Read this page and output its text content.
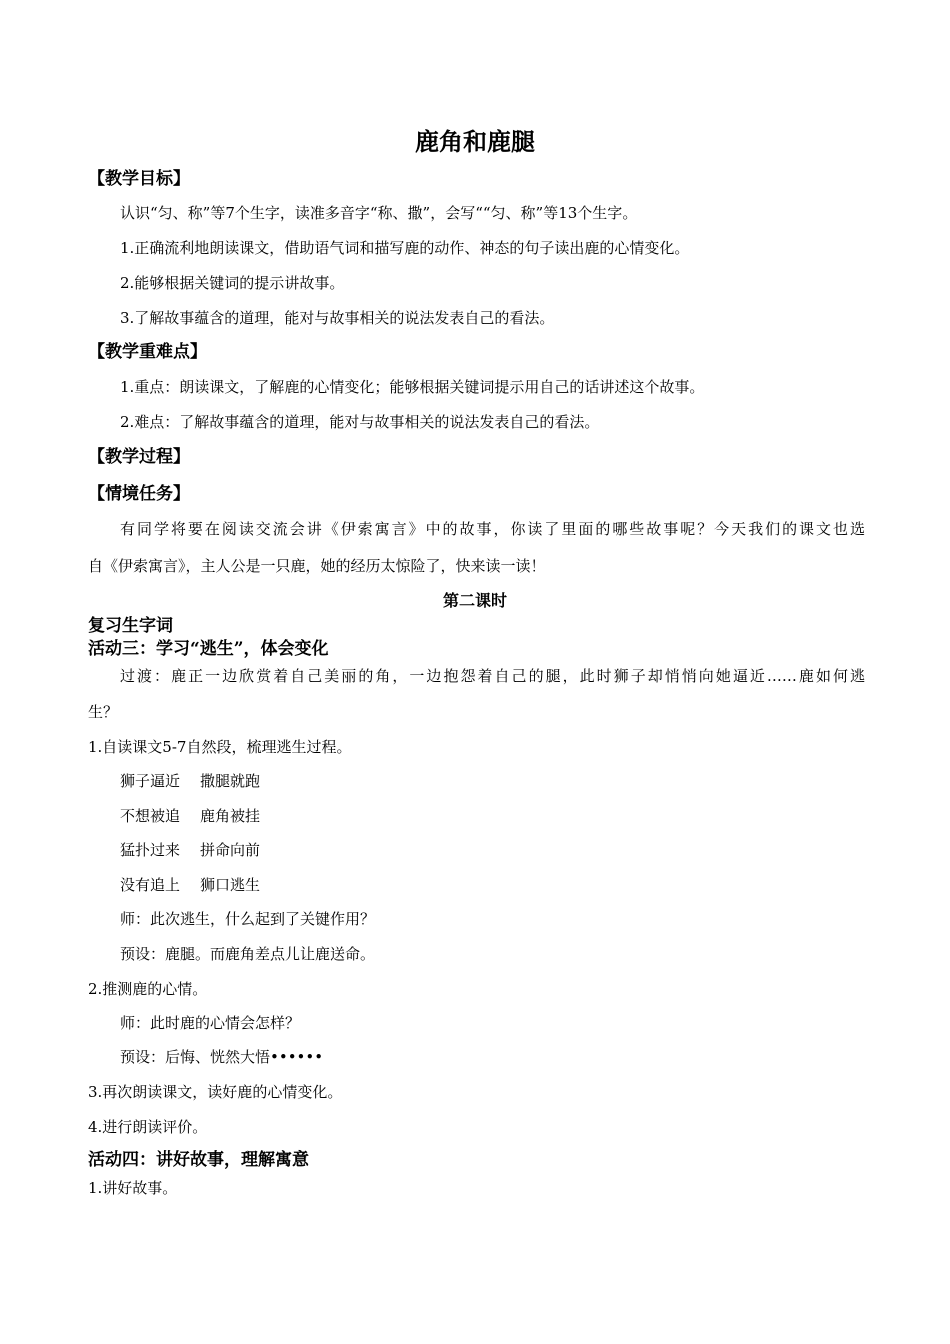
鹿角和鹿腿
【教学目标】
认识“匀、称”等7个生字，读准多音字“称、撒”，会写““匀、称”等13个生字。
1.正确流利地朗读课文，借助语气词和描写鹿的动作、神态的句子读出鹿的心情变化。
2.能够根据关键词的提示讲故事。
3.了解故事蕴含的道理，能对与故事相关的说法发表自己的看法。
【教学重难点】
1.重点：朗读课文，了解鹿的心情变化；能够根据关键词提示用自己的话讲述这个故事。
2.难点：了解故事蕴含的道理，能对与故事相关的说法发表自己的看法。
【教学过程】
【情境任务】
有同学将要在阅读交流会讲《伊索寓言》中的故事，你读了里面的哪些故事呢？今天我们的课文也选
自《伊索寓言》，主人公是一只鹿，她的经历太惊险了，快来读一读！
第二课时
复习生字词
活动三：学习“逃生”，体会变化
过渡：鹿正一边欣赏着自己美丽的角，一边抱怨着自己的腿，此时狮子却悄悄向她逼近……鹿如何逃
生？
1.自读课文5-7自然段，梳理逃生过程。
狮子逼近 撒腿就跑
不想被追 鹿角被挂
猛扑过来 拼命向前
没有追上 狮口逃生
师：此次逃生，什么起到了关键作用？
预设：鹿腿。而鹿角差点儿让鹿送命。
2.推测鹿的心情。
师：此时鹿的心情会怎样？
预设：后悔、恍然大悟••••••
3.再次朗读课文，读好鹿的心情变化。
4.进行朗读评价。
活动四：讲好故事，理解寓意
1.讲好故事。
